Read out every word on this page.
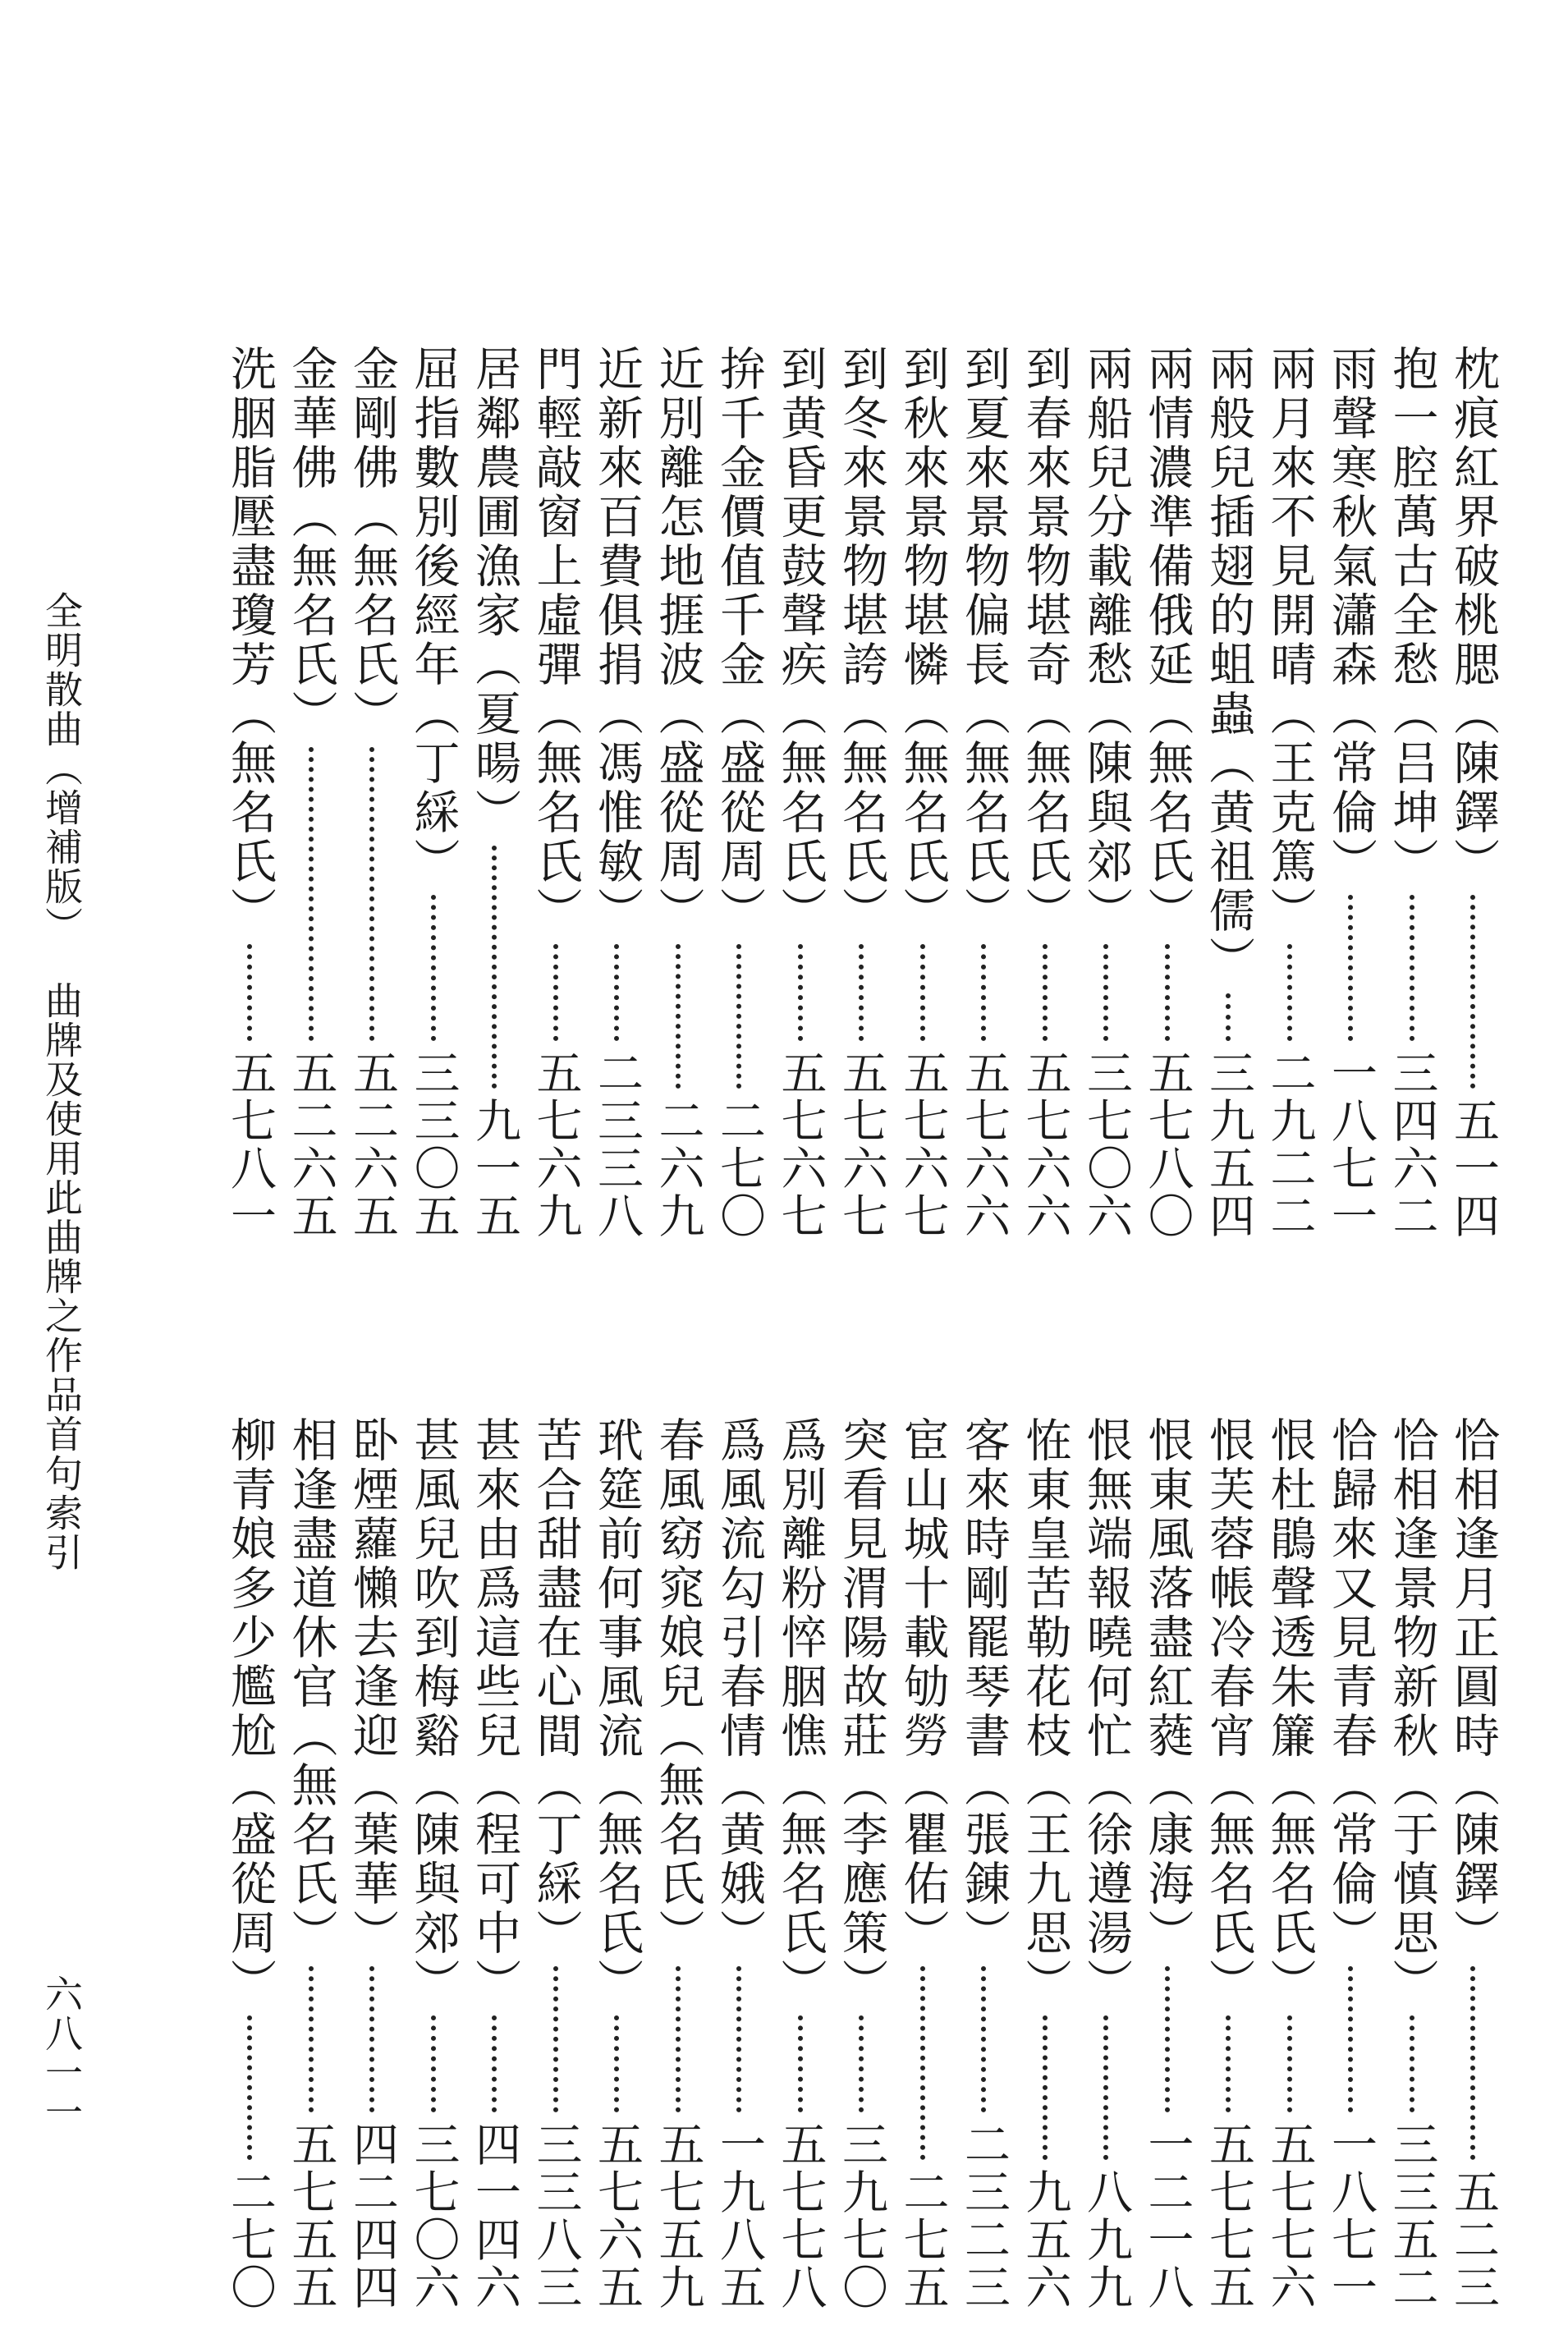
枕痕紅界破桃腮（陳鐸）
五一四
抱一腔萬古全愁（吕坤）
三四六二
雨聲寒秋氣瀟森（常倫）
一八七一
兩月來不見開晴（王克篤）
二九二二
兩般兒插翅的蛆蟲（黄祖儒）
三九五四
兩情濃準備俄延（無名氏）
五七八〇
兩船兒分載離愁（陳與郊）
三七〇六
到春來景物堪奇（無名氏）
五七六六
到夏來景物偏長（無名氏）
五七六六
到秋來景物堪憐（無名氏）
五七六七
到冬來景物堪誇（無名氏）
五七六七
到黄昏更鼓聲疾（無名氏）
五七六七
拚千金價值千金（盛從周）
二七〇
近別離怎地捱波（盛從周）
二六九
近新來百費俱捐（馮惟敏）
二三三八
門輕敲窗上虛彈（無名氏）
五七六九
居鄰農圃漁家（夏暘）
九一五
屈指數別後經年（丁綵）
三三〇五
金剛佛（無名氏）
五二六五
金華佛（無名氏）
五二六五
洗胭脂壓盡瓊芳（無名氏）
五七八一
恰相逢月正圓時（陳鐸）
五二三
恰相逢景物新秋（于慎思）
三三五二
恰歸來又見青春（常倫）
一八七一
恨杜鵑聲透朱簾（無名氏）
五七七六
恨芙蓉帳冷春宵（無名氏）
五七七五
恨東風落盡紅蕤（康海）
一二一八
恨無端報曉何忙（徐遵湯）
八九九
恠東皇苦勒花枝（王九思）
九五六
客來時剛罷琴書（張錬）
二三二三
宦山城十載劬勞（瞿佑）
二七五
突看見渭陽故莊（李應策）
三九七〇
爲別離粉悴胭憔（無名氏）
五七七八
爲風流勾引春情（黄娥）
一九八五
春風窈窕娘兒（無名氏）
五七五九
玳筵前何事風流（無名氏）
五七六五
苦合甜盡在心間（丁綵）
三三八三
甚來由爲這些兒（程可中）
四一四六
甚風兒吹到梅谿（陳與郊）
三七〇六
卧煙蘿懶去逢迎（葉華）
四二四四
相逢盡道休官（無名氏）
五七五五
柳青娘多少尷尬（盛從周）
二七〇
全明散曲（增補版）
曲牌及使用此曲牌之作品首句索引
六八一一
